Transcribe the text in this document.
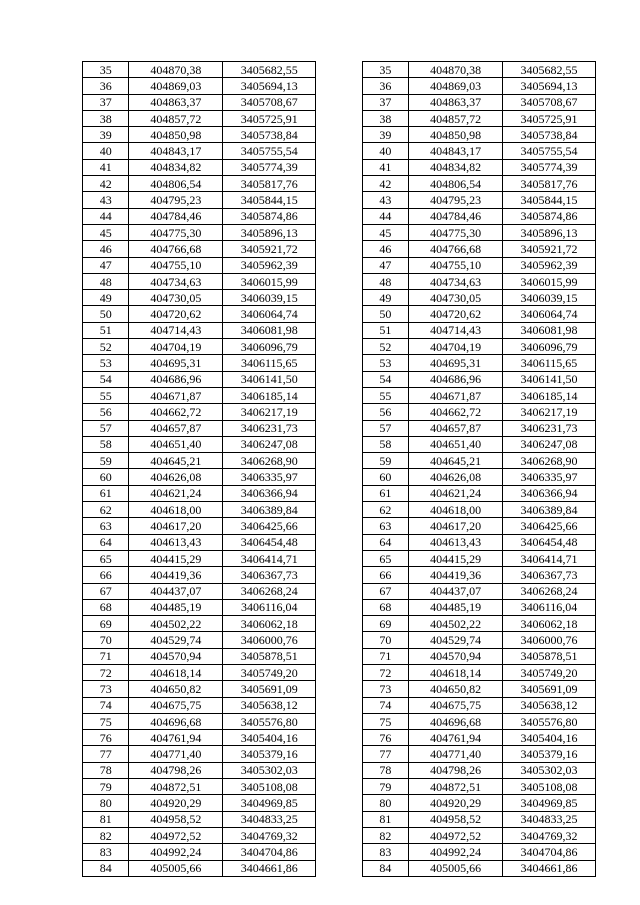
35	404870,38	3405682,55		35	404870,38	3405682,55
36	404869,03	3405694,13		36	404869,03	3405694,13
37	404863,37	3405708,67		37	404863,37	3405708,67
38	404857,72	3405725,91		38	404857,72	3405725,91
39	404850,98	3405738,84		39	404850,98	3405738,84
40	404843,17	3405755,54		40	404843,17	3405755,54
41	404834,82	3405774,39		41	404834,82	3405774,39
42	404806,54	3405817,76		42	404806,54	3405817,76
43	404795,23	3405844,15		43	404795,23	3405844,15
44	404784,46	3405874,86		44	404784,46	3405874,86
45	404775,30	3405896,13		45	404775,30	3405896,13
46	404766,68	3405921,72		46	404766,68	3405921,72
47	404755,10	3405962,39		47	404755,10	3405962,39
48	404734,63	3406015,99		48	404734,63	3406015,99
49	404730,05	3406039,15		49	404730,05	3406039,15
50	404720,62	3406064,74		50	404720,62	3406064,74
51	404714,43	3406081,98		51	404714,43	3406081,98
52	404704,19	3406096,79		52	404704,19	3406096,79
53	404695,31	3406115,65		53	404695,31	3406115,65
54	404686,96	3406141,50		54	404686,96	3406141,50
55	404671,87	3406185,14		55	404671,87	3406185,14
56	404662,72	3406217,19		56	404662,72	3406217,19
57	404657,87	3406231,73		57	404657,87	3406231,73
58	404651,40	3406247,08		58	404651,40	3406247,08
59	404645,21	3406268,90		59	404645,21	3406268,90
60	404626,08	3406335,97		60	404626,08	3406335,97
61	404621,24	3406366,94		61	404621,24	3406366,94
62	404618,00	3406389,84		62	404618,00	3406389,84
63	404617,20	3406425,66		63	404617,20	3406425,66
64	404613,43	3406454,48		64	404613,43	3406454,48
65	404415,29	3406414,71		65	404415,29	3406414,71
66	404419,36	3406367,73		66	404419,36	3406367,73
67	404437,07	3406268,24		67	404437,07	3406268,24
68	404485,19	3406116,04		68	404485,19	3406116,04
69	404502,22	3406062,18		69	404502,22	3406062,18
70	404529,74	3406000,76		70	404529,74	3406000,76
71	404570,94	3405878,51		71	404570,94	3405878,51
72	404618,14	3405749,20		72	404618,14	3405749,20
73	404650,82	3405691,09		73	404650,82	3405691,09
74	404675,75	3405638,12		74	404675,75	3405638,12
75	404696,68	3405576,80		75	404696,68	3405576,80
76	404761,94	3405404,16		76	404761,94	3405404,16
77	404771,40	3405379,16		77	404771,40	3405379,16
78	404798,26	3405302,03		78	404798,26	3405302,03
79	404872,51	3405108,08		79	404872,51	3405108,08
80	404920,29	3404969,85		80	404920,29	3404969,85
81	404958,52	3404833,25		81	404958,52	3404833,25
82	404972,52	3404769,32		82	404972,52	3404769,32
83	404992,24	3404704,86		83	404992,24	3404704,86
84	405005,66	3404661,86		84	405005,66	3404661,86
